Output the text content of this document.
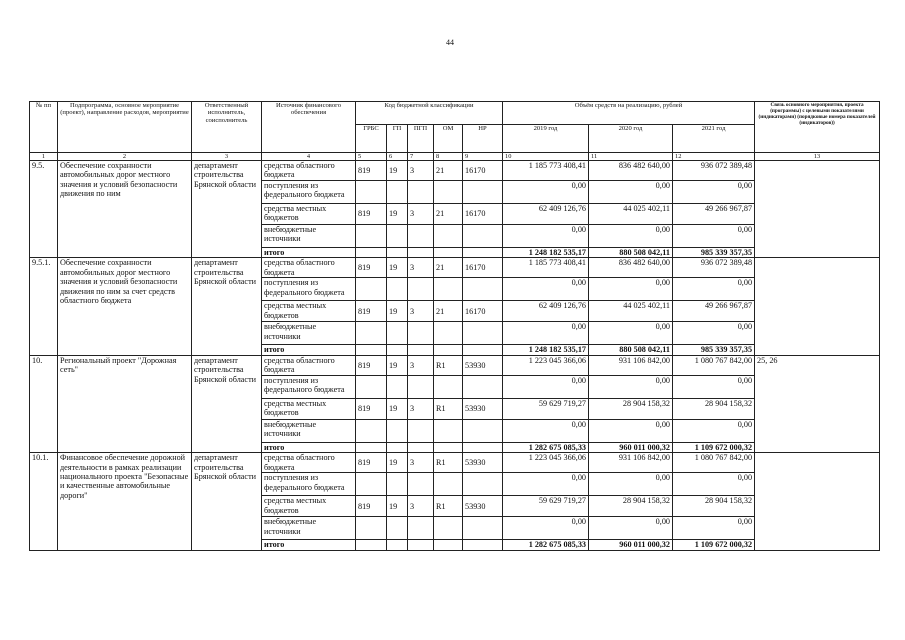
44
№ пп	Подпрограмма, основное мероприятие (проект), направление расходов, мероприятие	Ответственный исполнитель, соисполнитель	Источник финансового обеспечения	Код бюджетной классификации					Объём средств на реализацию, рублей			Связь основного мероприятия, проекта (программы) с целевыми показателями (индикаторами) (порядковые номера показателей (индикаторов))
				ГРБС	ГП	ПГП	ОМ	НР	2019 год	2020 год	2021 год	
1	2	3	4	5	6	7	8	9	10	11	12	13
9.5.	Обеспечение сохранности автомобильных дорог местного значения и условий безопасности движения по ним	департамент строительства Брянской области	средства областного бюджета	819	19	3	21	16170	1 185 773 408,41	836 482 640,00	936 072 389,48	
			поступления из федерального бюджета						0,00	0,00	0,00	
			средства местных бюджетов	819	19	3	21	16170	62 409 126,76	44 025 402,11	49 266 967,87	
			внебюджетные источники						0,00	0,00	0,00	
			итого						1 248 182 535,17	880 508 042,11	985 339 357,35	
9.5.1.	Обеспечение сохранности автомобильных дорог местного значения и условий безопасности движения по ним за счет средств областного бюджета	департамент строительства Брянской области	средства областного бюджета	819	19	3	21	16170	1 185 773 408,41	836 482 640,00	936 072 389,48	
			поступления из федерального бюджета						0,00	0,00	0,00	
			средства местных бюджетов	819	19	3	21	16170	62 409 126,76	44 025 402,11	49 266 967,87	
			внебюджетные источники						0,00	0,00	0,00	
			итого						1 248 182 535,17	880 508 042,11	985 339 357,35	
10.	Региональный проект "Дорожная сеть"	департамент строительства Брянской области	средства областного бюджета	819	19	3	R1	53930	1 223 045 366,06	931 106 842,00	1 080 767 842,00	25, 26
			поступления из федерального бюджета						0,00	0,00	0,00	
			средства местных бюджетов	819	19	3	R1	53930	59 629 719,27	28 904 158,32	28 904 158,32	
			внебюджетные источники						0,00	0,00	0,00	
			итого						1 282 675 085,33	960 011 000,32	1 109 672 000,32	
10.1.	Финансовое обеспечение дорожной деятельности в рамках реализации национального проекта "Безопасные и качественные автомобильные дороги"	департамент строительства Брянской области	средства областного бюджета	819	19	3	R1	53930	1 223 045 366,06	931 106 842,00	1 080 767 842,00	
			поступления из федерального бюджета						0,00	0,00	0,00	
			средства местных бюджетов	819	19	3	R1	53930	59 629 719,27	28 904 158,32	28 904 158,32	
			внебюджетные источники						0,00	0,00	0,00	
			итого						1 282 675 085,33	960 011 000,32	1 109 672 000,32	
